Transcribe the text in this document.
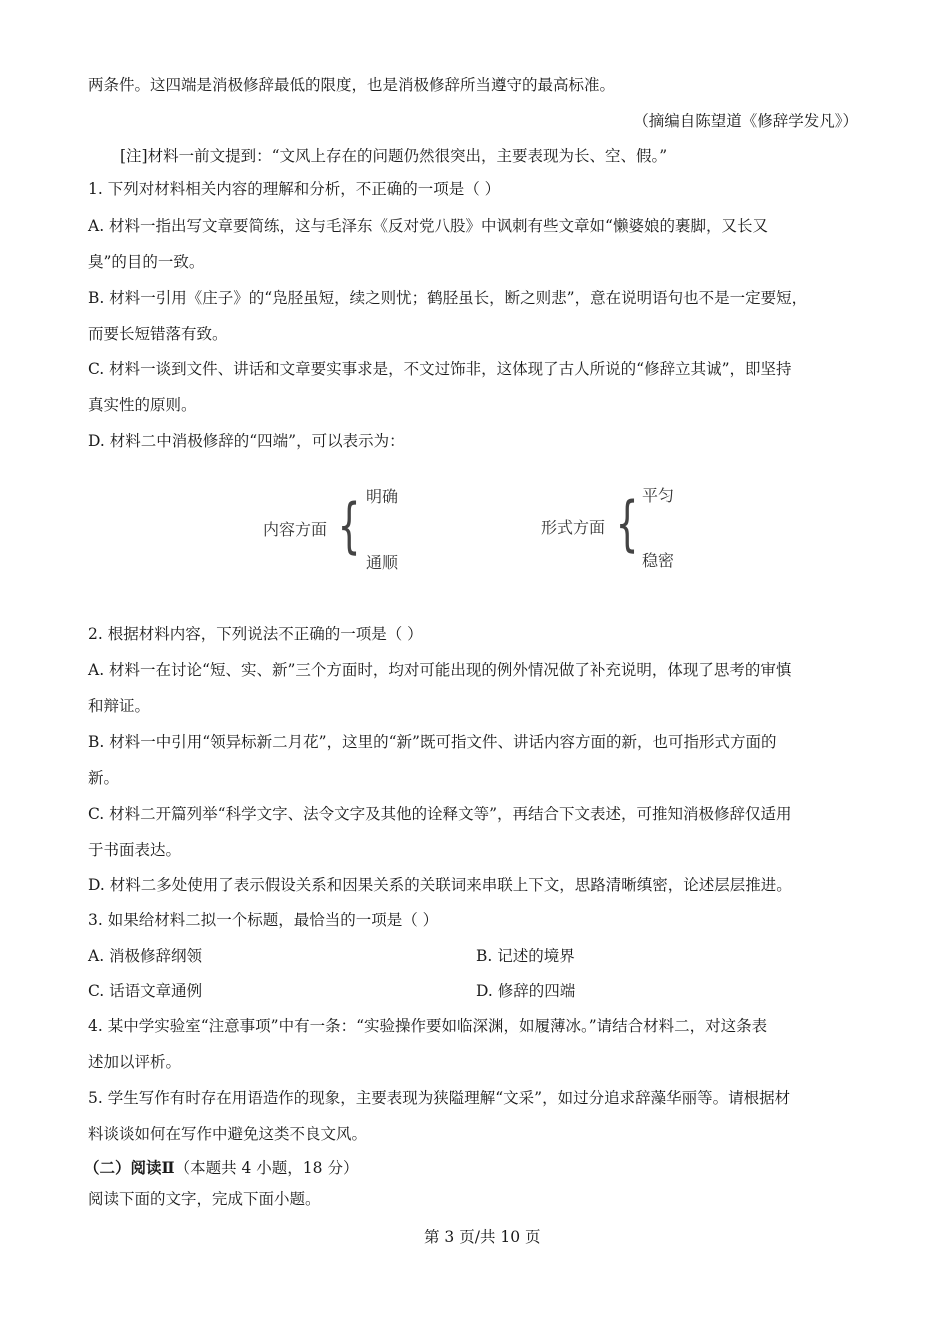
两条件。这四端是消极修辞最低的限度，也是消极修辞所当遵守的最高标准。
（摘编自陈望道《修辞学发凡》）
[注]材料一前文提到：“文风上存在的问题仍然很突出，主要表现为长、空、假。”
1. 下列对材料相关内容的理解和分析，不正确的一项是（ ）
A. 材料一指出写文章要简练，这与毛泽东《反对党八股》中讽刺有些文章如“懒婆娘的裹脚，又长又
臭”的目的一致。
B. 材料一引用《庄子》的“凫胫虽短，续之则忧；鹤胫虽长，断之则悲”，意在说明语句也不是一定要短，
而要长短错落有致。
C. 材料一谈到文件、讲话和文章要实事求是，不文过饰非，这体现了古人所说的“修辞立其诚”，即坚持
真实性的原则。
D. 材料二中消极修辞的“四端”，可以表示为：
内容方面 { 明确
通顺
形式方面 { 平匀
稳密
2. 根据材料内容，下列说法不正确的一项是（ ）
A. 材料一在讨论“短、实、新”三个方面时，均对可能出现的例外情况做了补充说明，体现了思考的审慎
和辩证。
B. 材料一中引用“领异标新二月花”，这里的“新”既可指文件、讲话内容方面的新，也可指形式方面的
新。
C. 材料二开篇列举“科学文字、法令文字及其他的诠释文等”，再结合下文表述，可推知消极修辞仅适用
于书面表达。
D. 材料二多处使用了表示假设关系和因果关系的关联词来串联上下文，思路清晰缜密，论述层层推进。
3. 如果给材料二拟一个标题，最恰当的一项是（ ）
A. 消极修辞纲领	B. 记述的境界
C. 话语文章通例	D. 修辞的四端
4. 某中学实验室“注意事项”中有一条：“实验操作要如临深渊，如履薄冰。”请结合材料二，对这条表
述加以评析。
5. 学生写作有时存在用语造作的现象，主要表现为狭隘理解“文采”，如过分追求辞藻华丽等。请根据材
料谈谈如何在写作中避免这类不良文风。
（二）阅读Ⅱ（本题共 4 小题，18 分）
阅读下面的文字，完成下面小题。
第 3 页/共 10 页
